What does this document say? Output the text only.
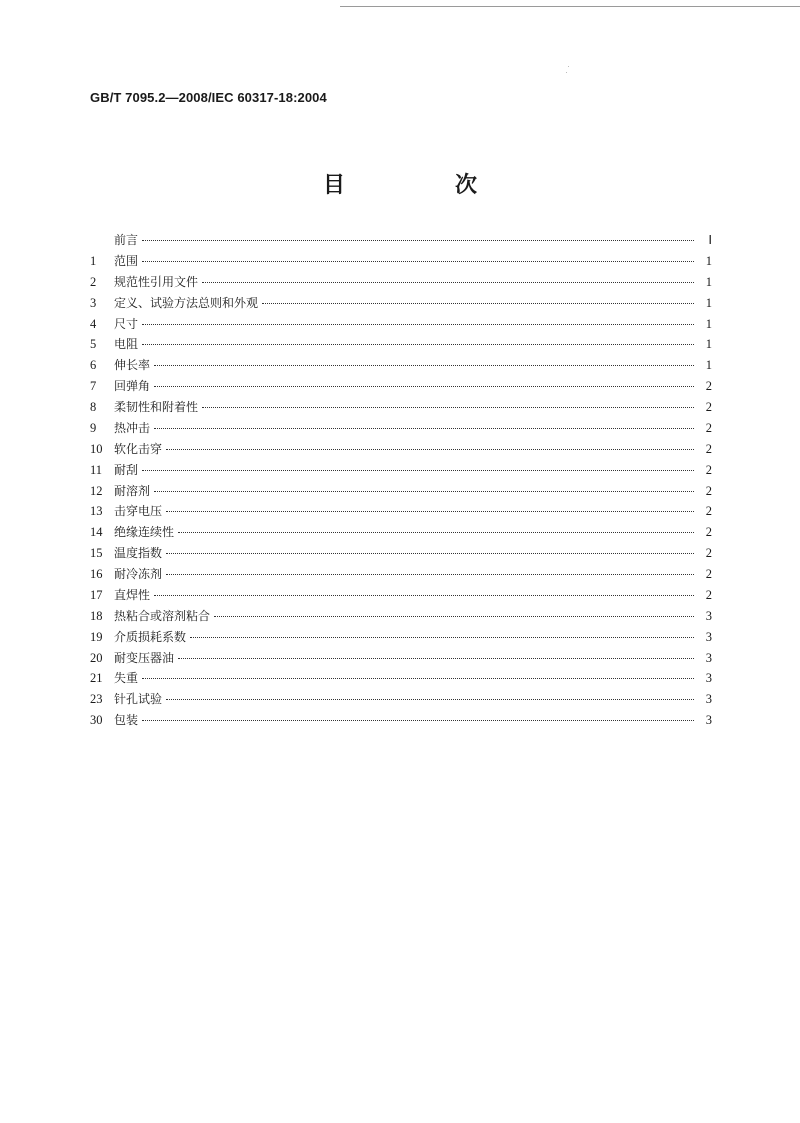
GB/T 7095.2—2008/IEC 60317-18:2004
目　次
前言	Ⅰ
1	范围	1
2	规范性引用文件	1
3	定义、试验方法总则和外观	1
4	尺寸	1
5	电阻	1
6	伸长率	1
7	回弹角	2
8	柔韧性和附着性	2
9	热冲击	2
10 软化击穿	2
11 耐刮	2
12 耐溶剂	2
13 击穿电压	2
14 绝缘连续性	2
15 温度指数	2
16 耐冷冻剂	2
17 直焊性	2
18 热粘合或溶剂粘合	3
19 介质损耗系数	3
20 耐变压器油	3
21 失重	3
23 针孔试验	3
30 包装	3
